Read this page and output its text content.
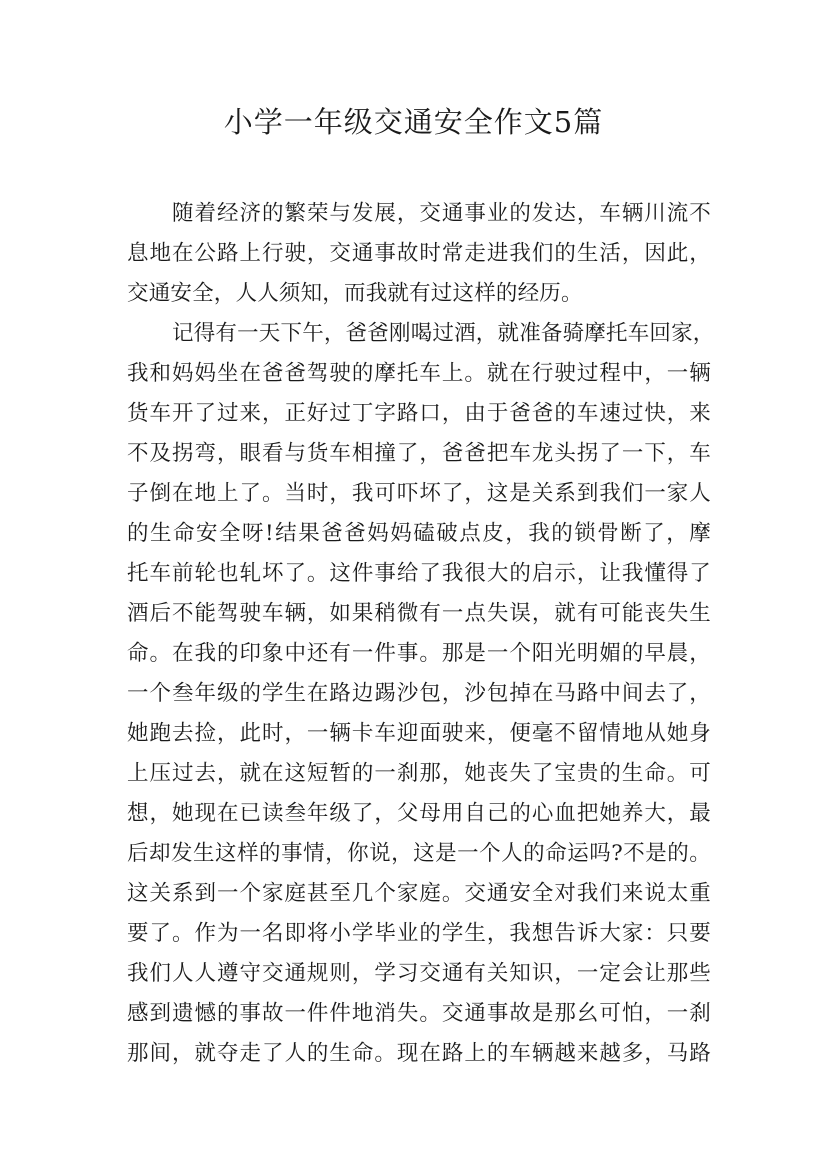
小学一年级交通安全作文5篇
随着经济的繁荣与发展，交通事业的发达，车辆川流不
息地在公路上行驶，交通事故时常走进我们的生活，因此，
交通安全，人人须知，而我就有过这样的经历。
记得有一天下午，爸爸刚喝过酒，就准备骑摩托车回家，
我和妈妈坐在爸爸驾驶的摩托车上。就在行驶过程中，一辆
货车开了过来，正好过丁字路口，由于爸爸的车速过快，来
不及拐弯，眼看与货车相撞了，爸爸把车龙头拐了一下，车
子倒在地上了。当时，我可吓坏了，这是关系到我们一家人
的生命安全呀!结果爸爸妈妈磕破点皮，我的锁骨断了，摩
托车前轮也轧坏了。这件事给了我很大的启示，让我懂得了
酒后不能驾驶车辆，如果稍微有一点失误，就有可能丧失生
命。在我的印象中还有一件事。那是一个阳光明媚的早晨，
一个叁年级的学生在路边踢沙包，沙包掉在马路中间去了，
她跑去捡，此时，一辆卡车迎面驶来，便毫不留情地从她身
上压过去，就在这短暂的一刹那，她丧失了宝贵的生命。可
想，她现在已读叁年级了，父母用自己的心血把她养大，最
后却发生这样的事情，你说，这是一个人的命运吗?不是的。
这关系到一个家庭甚至几个家庭。交通安全对我们来说太重
要了。作为一名即将小学毕业的学生，我想告诉大家：只要
我们人人遵守交通规则，学习交通有关知识，一定会让那些
感到遗憾的事故一件件地消失。交通事故是那幺可怕，一刹
那间，就夺走了人的生命。现在路上的车辆越来越多，马路
